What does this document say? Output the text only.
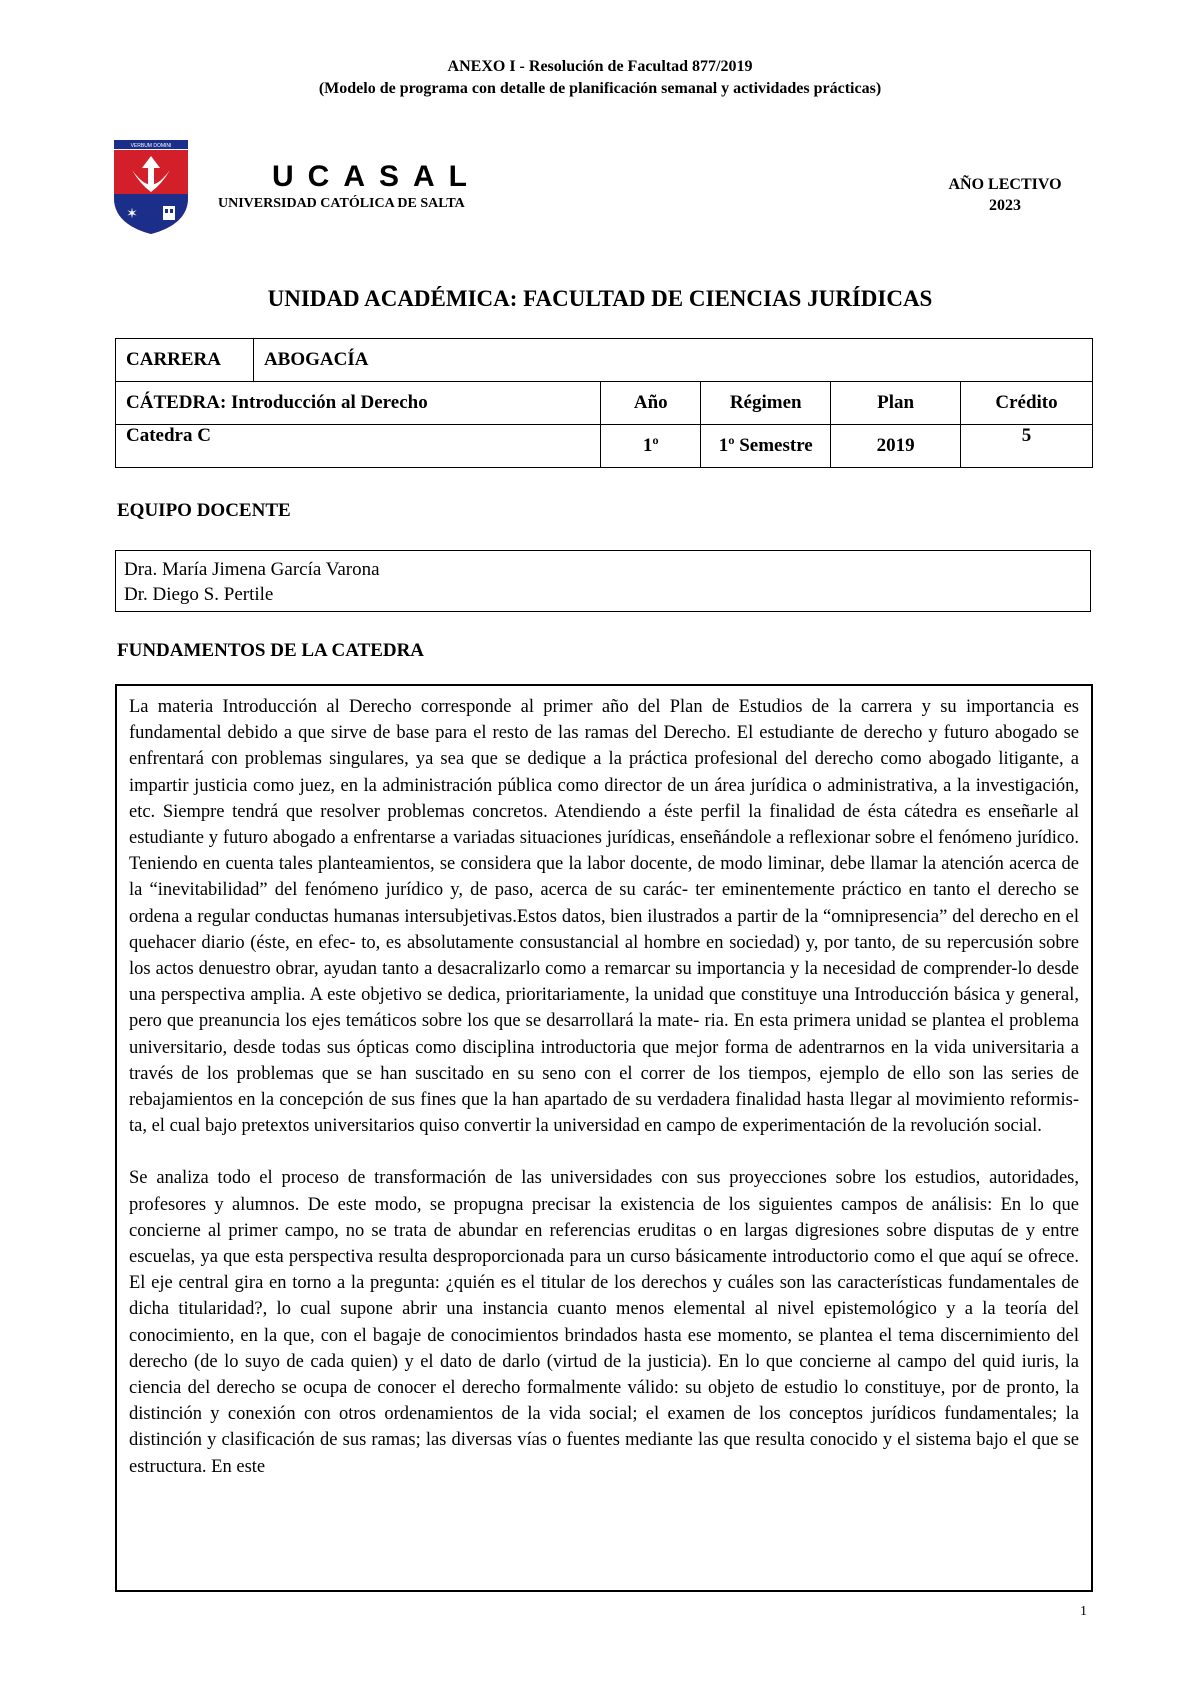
ANEXO I - Resolución de Facultad 877/2019
(Modelo de programa con detalle de planificación semanal y actividades prácticas)
VERBUM DOMINI
✶
UCASAL
UNIVERSIDAD CATÓLICA DE SALTA
AÑO LECTIVO
2023
UNIDAD ACADÉMICA: FACULTAD DE CIENCIAS JURÍDICAS
CARRERA	ABOGACÍA				
CÁTEDRA: Introducción al Derecho		Año	Régimen	Plan	Crédito
Catedra C		1º	1º Semestre	2019	5
EQUIPO DOCENTE
Dra. María Jimena García Varona
Dr. Diego S. Pertile
FUNDAMENTOS DE LA CATEDRA

La materia Introducción al Derecho corresponde al primer año del Plan de Estudios de la carrera y su importancia es fundamental debido a que sirve de base para el resto de las ramas del Derecho. El estudiante de derecho y futuro abogado se enfrentará con problemas singulares, ya sea que se dedique a la práctica profesional del derecho como abogado litigante, a impartir justicia como juez, en la administración pública como director de un área jurídica o administrativa, a la investigación, etc. Siempre tendrá que resolver problemas concretos. Atendiendo a éste perfil la finalidad de ésta cátedra es enseñarle al estudiante y futuro abogado a enfrentarse a variadas situaciones jurídicas, enseñándole a reflexionar sobre el fenómeno jurídico. Teniendo en cuenta tales planteamientos, se considera que la labor docente, de modo liminar, debe llamar la atención acerca de la “inevitabilidad” del fenómeno jurídico y, de paso, acerca de su carác- ter eminentemente práctico en tanto el derecho se ordena a regular conductas humanas intersubjetivas.Estos datos, bien ilustrados a partir de la “omnipresencia” del derecho en el quehacer diario (éste, en efec- to, es absolutamente consustancial al hombre en sociedad) y, por tanto, de su repercusión sobre los actos denuestro obrar, ayudan tanto a desacralizarlo como a remarcar su importancia y la necesidad de comprender-lo desde una perspectiva amplia. A este objetivo se dedica, prioritariamente, la unidad que constituye una Introducción básica y general, pero que preanuncia los ejes temáticos sobre los que se desarrollará la mate- ria. En esta primera unidad se plantea el problema universitario, desde todas sus ópticas como disciplina introductoria que mejor forma de adentrarnos en la vida universitaria a través de los problemas que se han suscitado en su seno con el correr de los tiempos, ejemplo de ello son las series de rebajamientos en la concepción de sus fines que la han apartado de su verdadera finalidad hasta llegar al movimiento reformis- ta, el cual bajo pretextos universitarios quiso convertir la universidad en campo de experimentación de la revolución social.

Se analiza todo el proceso de transformación de las universidades con sus proyecciones sobre los estudios, autoridades, profesores y alumnos. De este modo, se propugna precisar la existencia de los siguientes campos de análisis: En lo que concierne al primer campo, no se trata de abundar en referencias eruditas o en largas digresiones sobre disputas de y entre escuelas, ya que esta perspectiva resulta desproporcionada para un curso básicamente introductorio como el que aquí se ofrece. El eje central gira en torno a la pregunta: ¿quién es el titular de los derechos y cuáles son las características fundamentales de dicha titularidad?, lo cual supone abrir una instancia cuanto menos elemental al nivel epistemológico y a la teoría del conocimiento, en la que, con el bagaje de conocimientos brindados hasta ese momento, se plantea el tema discernimiento del derecho (de lo suyo de cada quien) y el dato de darlo (virtud de la justicia). En lo que concierne al campo del quid iuris, la ciencia del derecho se ocupa de conocer el derecho formalmente válido: su objeto de estudio lo constituye, por de pronto, la distinción y conexión con otros ordenamientos de la vida social; el examen de los conceptos jurídicos fundamentales; la distinción y clasificación de sus ramas; las diversas vías o fuentes mediante las que resulta conocido y el sistema bajo el que se estructura. En este

1
